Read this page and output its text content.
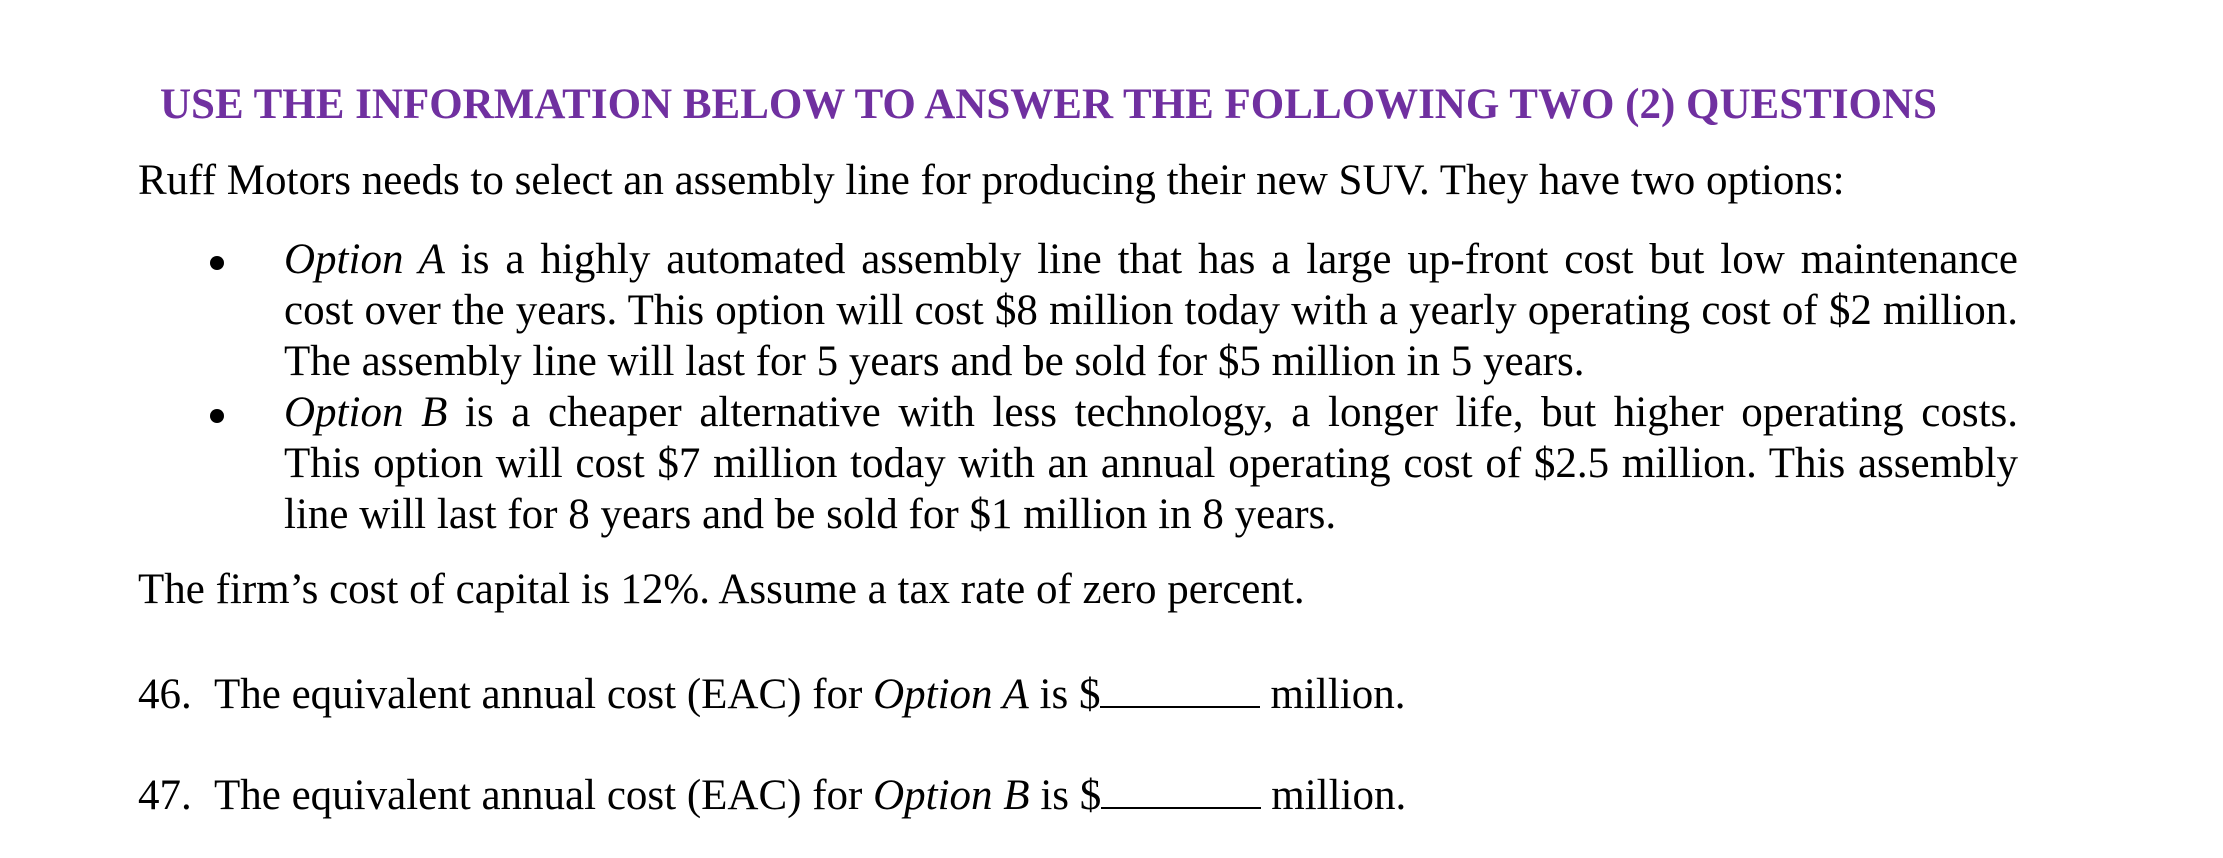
USE THE INFORMATION BELOW TO ANSWER THE FOLLOWING TWO (2) QUESTIONS
Ruff Motors needs to select an assembly line for producing their new SUV. They have two options:
Option A is a highly automated assembly line that has a large up-front cost but low maintenance
cost over the years. This option will cost $8 million today with a yearly operating cost of $2 million.
The assembly line will last for 5 years and be sold for $5 million in 5 years.
Option B is a cheaper alternative with less technology, a longer life, but higher operating costs.
This option will cost $7 million today with an annual operating cost of $2.5 million. This assembly
line will last for 8 years and be sold for $1 million in 8 years.
The firm’s cost of capital is 12%. Assume a tax rate of zero percent.
46. The equivalent annual cost (EAC) for Option A is $	million.
47. The equivalent annual cost (EAC) for Option B is $	million.
